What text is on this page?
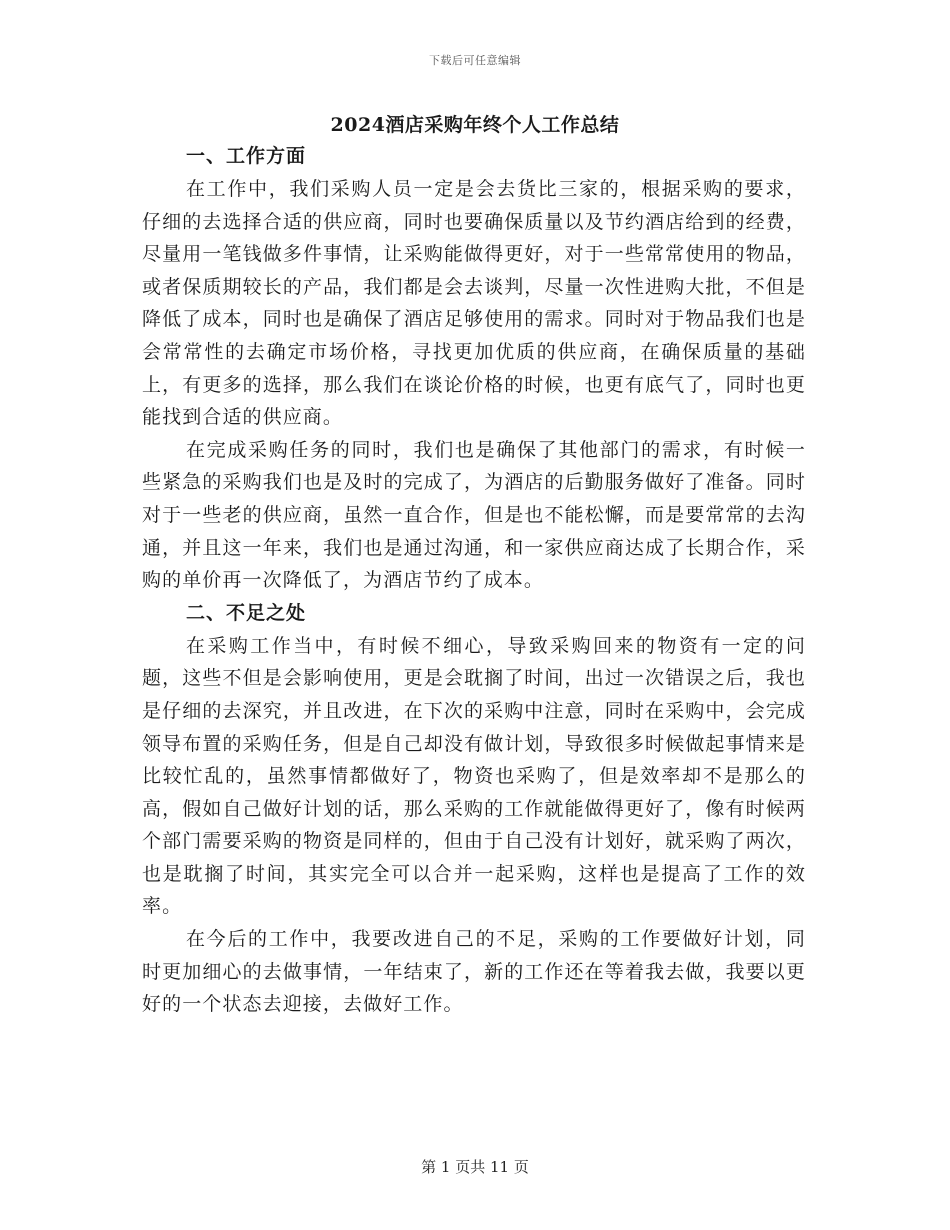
下载后可任意编辑
2024酒店采购年终个人工作总结
一、工作方面

在工作中，我们采购人员一定是会去货比三家的，根据采购的要求，仔细的去选择合适的供应商，同时也要确保质量以及节约酒店给到的经费，尽量用一笔钱做多件事情，让采购能做得更好，对于一些常常使用的物品，或者保质期较长的产品，我们都是会去谈判，尽量一次性进购大批，不但是降低了成本，同时也是确保了酒店足够使用的需求。同时对于物品我们也是会常常性的去确定市场价格，寻找更加优质的供应商，在确保质量的基础上，有更多的选择，那么我们在谈论价格的时候，也更有底气了，同时也更能找到合适的供应商。

在完成采购任务的同时，我们也是确保了其他部门的需求，有时候一些紧急的采购我们也是及时的完成了，为酒店的后勤服务做好了准备。同时对于一些老的供应商，虽然一直合作，但是也不能松懈，而是要常常的去沟通，并且这一年来，我们也是通过沟通，和一家供应商达成了长期合作，采购的单价再一次降低了，为酒店节约了成本。

二、不足之处

在采购工作当中，有时候不细心，导致采购回来的物资有一定的问题，这些不但是会影响使用，更是会耽搁了时间，出过一次错误之后，我也是仔细的去深究，并且改进，在下次的采购中注意，同时在采购中，会完成领导布置的采购任务，但是自己却没有做计划，导致很多时候做起事情来是比较忙乱的，虽然事情都做好了，物资也采购了，但是效率却不是那么的高，假如自己做好计划的话，那么采购的工作就能做得更好了，像有时候两个部门需要采购的物资是同样的，但由于自己没有计划好，就采购了两次，也是耽搁了时间，其实完全可以合并一起采购，这样也是提高了工作的效率。

在今后的工作中，我要改进自己的不足，采购的工作要做好计划，同时更加细心的去做事情，一年结束了，新的工作还在等着我去做，我要以更好的一个状态去迎接，去做好工作。

第 1 页共 11 页
